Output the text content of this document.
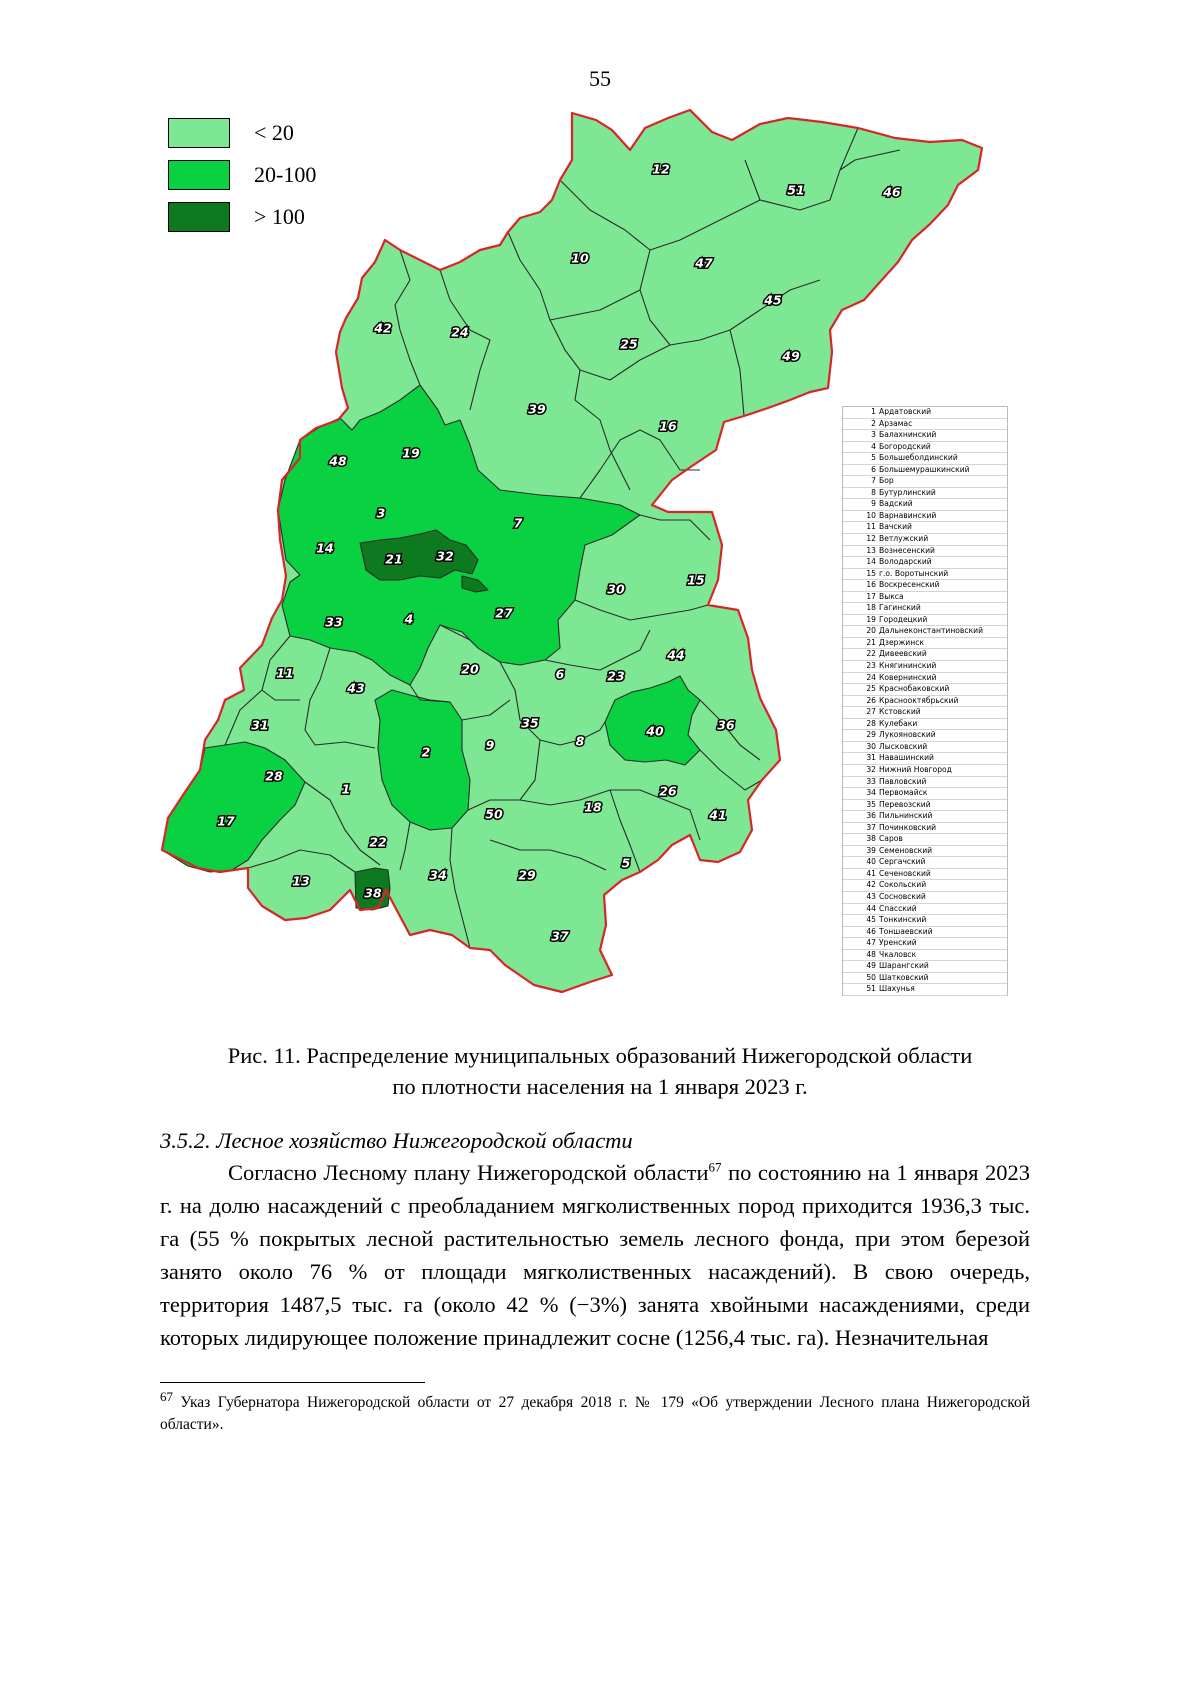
55
< 20
20-100
> 100
1
2
3
4
5
6
7
8
9
10
11
12
13
14
15
16
17
18
19
20
21
22
23
24
25
26
27
28
29
30
31
32
33
34
35	36
37
38
39
40
41
42
43
44
45
46
47
48
49
50
51
1 Ардатовский
2 Арзамас
3 Балахнинский
4 Богородский
5 Большеболдинский
6 Большемурашкинский
7 Бор
8 Бутурлинский
9 Вадский
10 Варнавинский
11 Вачский
12 Ветлужский
13 Вознесенский
14 Володарский
15 г.о. Воротынский
16 Воскресенский
17 Выкса
18 Гагинский
19 Городецкий
20 Дальнеконстантиновский
21 Дзержинск
22 Дивеевский
23 Княгининский
24 Ковернинский
25 Краснобаковский
26 Краснооктябрьский
27 Кстовский
28 Кулебаки
29 Лукояновский
30 Лысковский
31 Навашинский
32 Нижний Новгород
33 Павловский
34 Первомайск
35 Перевозский
36 Пильнинский
37 Починковский
38 Саров
39 Семеновский
40 Сергачский
41 Сеченовский
42 Сокольский
43 Сосновский
44 Спасский
45 Тонкинский
46 Тоншаевский
47 Уренский
48 Чкаловск
49 Шарангский
50 Шатковский
51 Шахунья
Рис. 11. Распределение муниципальных образований Нижегородской области
по плотности населения на 1 января 2023 г.
3.5.2. Лесное хозяйство Нижегородской области
Согласно Лесному плану Нижегородской области$^{67}$ по состоянию на 1 января 2023 г. на долю насаждений с преобладанием мягколиственных пород приходится 1936,3 тыс. га (55 % покрытых лесной растительностью земель лесного фонда, при этом березой занято около 76 % от площади мягколиственных насаждений). В свою очередь, территория 1487,5 тыс. га (около 42 % (−3%) занята хвойными насаждениями, среди которых лидирующее положение принадлежит сосне (1256,4 тыс. га). Незначительная
$^{67}$ Указ Губернатора Нижегородской области от 27 декабря 2018 г. № 179 «Об утверждении Лесного плана Нижегородской области».
